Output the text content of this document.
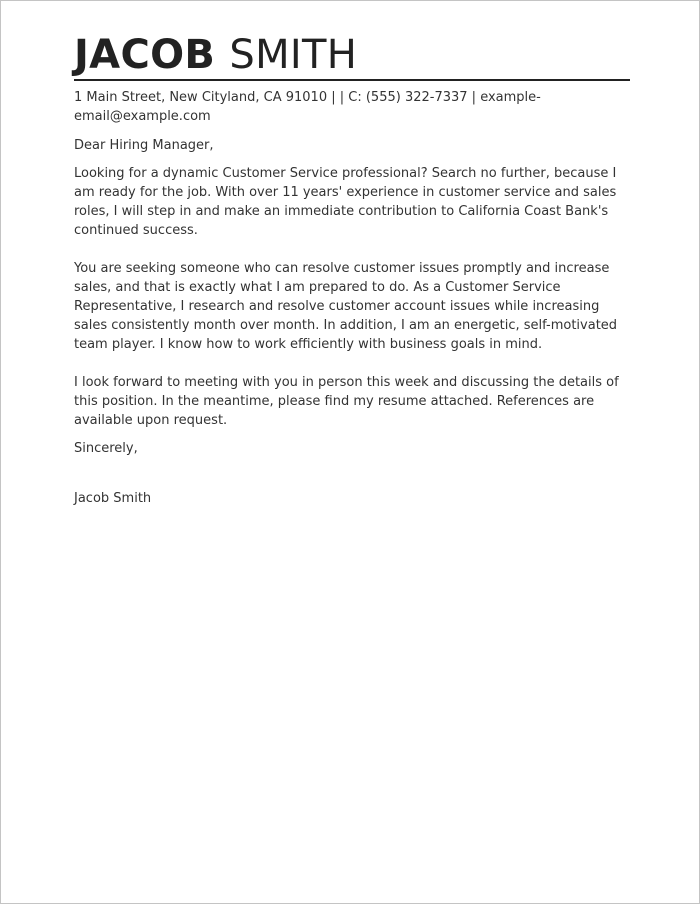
JACOB SMITH
1 Main Street, New Cityland, CA 91010 | | C: (555) 322-7337 | example-email@example.com
Dear Hiring Manager,

Looking for a dynamic Customer Service professional? Search no further, because I am ready for the job. With over 11 years' experience in customer service and sales roles, I will step in and make an immediate contribution to California Coast Bank's continued success.

You are seeking someone who can resolve customer issues promptly and increase sales, and that is exactly what I am prepared to do. As a Customer Service Representative, I research and resolve customer account issues while increasing sales consistently month over month. In addition, I am an energetic, self-motivated team player. I know how to work efficiently with business goals in mind.

I look forward to meeting with you in person this week and discussing the details of this position. In the meantime, please find my resume attached. References are available upon request.

Sincerely,
Jacob Smith
